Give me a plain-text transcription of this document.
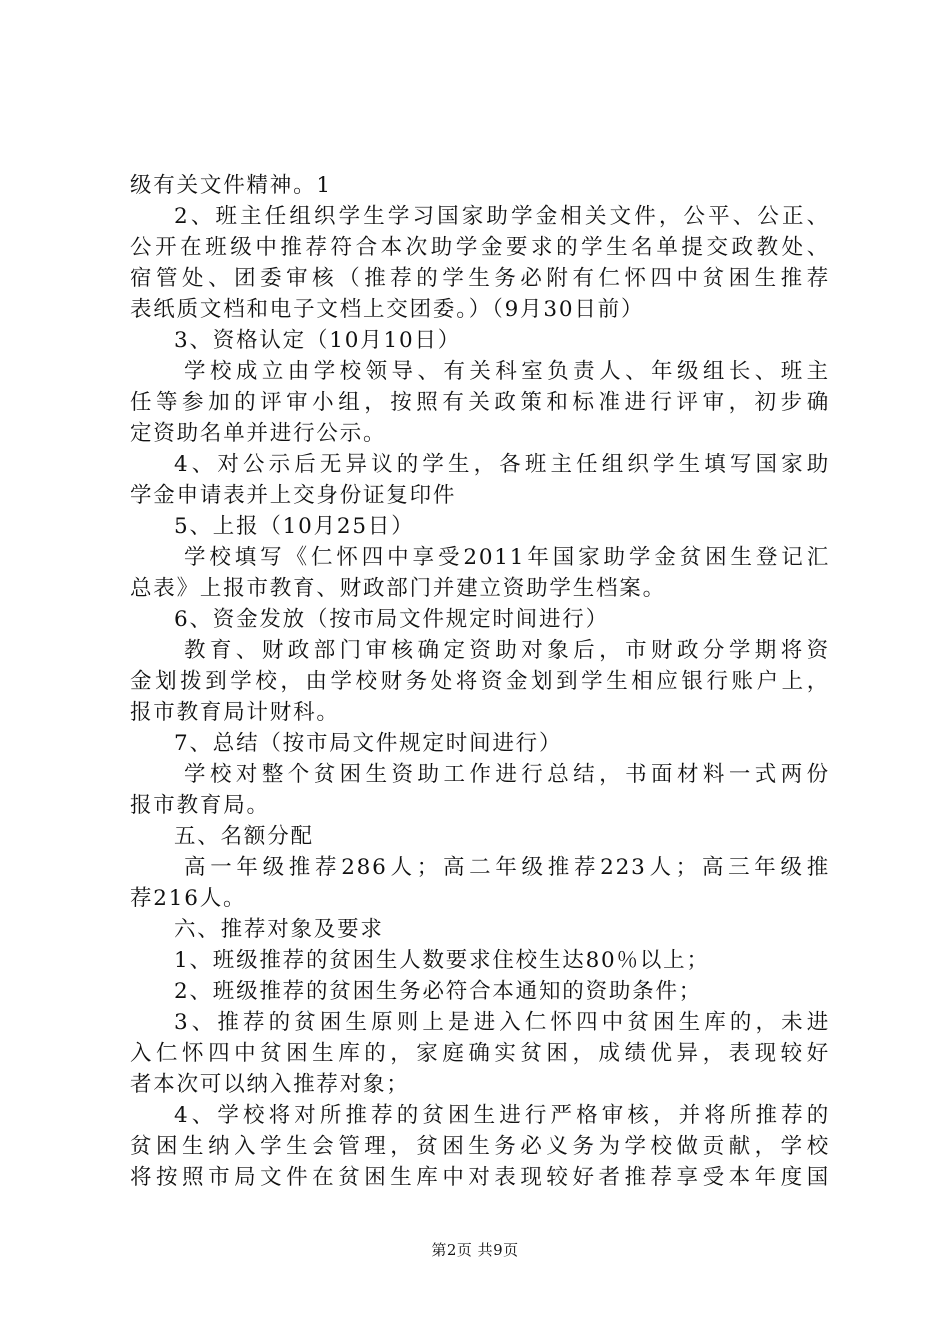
级有关文件精神。1
2、班主任组织学生学习国家助学金相关文件，公平、公正、
公开在班级中推荐符合本次助学金要求的学生名单提交政教处、
宿管处、团委审核（推荐的学生务必附有仁怀四中贫困生推荐
表纸质文档和电子文档上交团委。）（9月30日前）
3、资格认定（10月10日）
学校成立由学校领导、有关科室负责人、年级组长、班主
任等参加的评审小组，按照有关政策和标准进行评审，初步确
定资助名单并进行公示。
4、对公示后无异议的学生，各班主任组织学生填写国家助
学金申请表并上交身份证复印件
5、上报（10月25日）
学校填写《仁怀四中享受2011年国家助学金贫困生登记汇
总表》上报市教育、财政部门并建立资助学生档案。
6、资金发放（按市局文件规定时间进行）
教育、财政部门审核确定资助对象后，市财政分学期将资
金划拨到学校，由学校财务处将资金划到学生相应银行账户上，
报市教育局计财科。
7、总结（按市局文件规定时间进行）
学校对整个贫困生资助工作进行总结，书面材料一式两份
报市教育局。
五、名额分配
高一年级推荐286人；高二年级推荐223人；高三年级推
荐216人。
六、推荐对象及要求
1、班级推荐的贫困生人数要求住校生达80％以上；
2、班级推荐的贫困生务必符合本通知的资助条件；
3、推荐的贫困生原则上是进入仁怀四中贫困生库的，未进
入仁怀四中贫困生库的，家庭确实贫困，成绩优异，表现较好
者本次可以纳入推荐对象；
4、学校将对所推荐的贫困生进行严格审核，并将所推荐的
贫困生纳入学生会管理，贫困生务必义务为学校做贡献，学校
将按照市局文件在贫困生库中对表现较好者推荐享受本年度国
第2页 共9页
